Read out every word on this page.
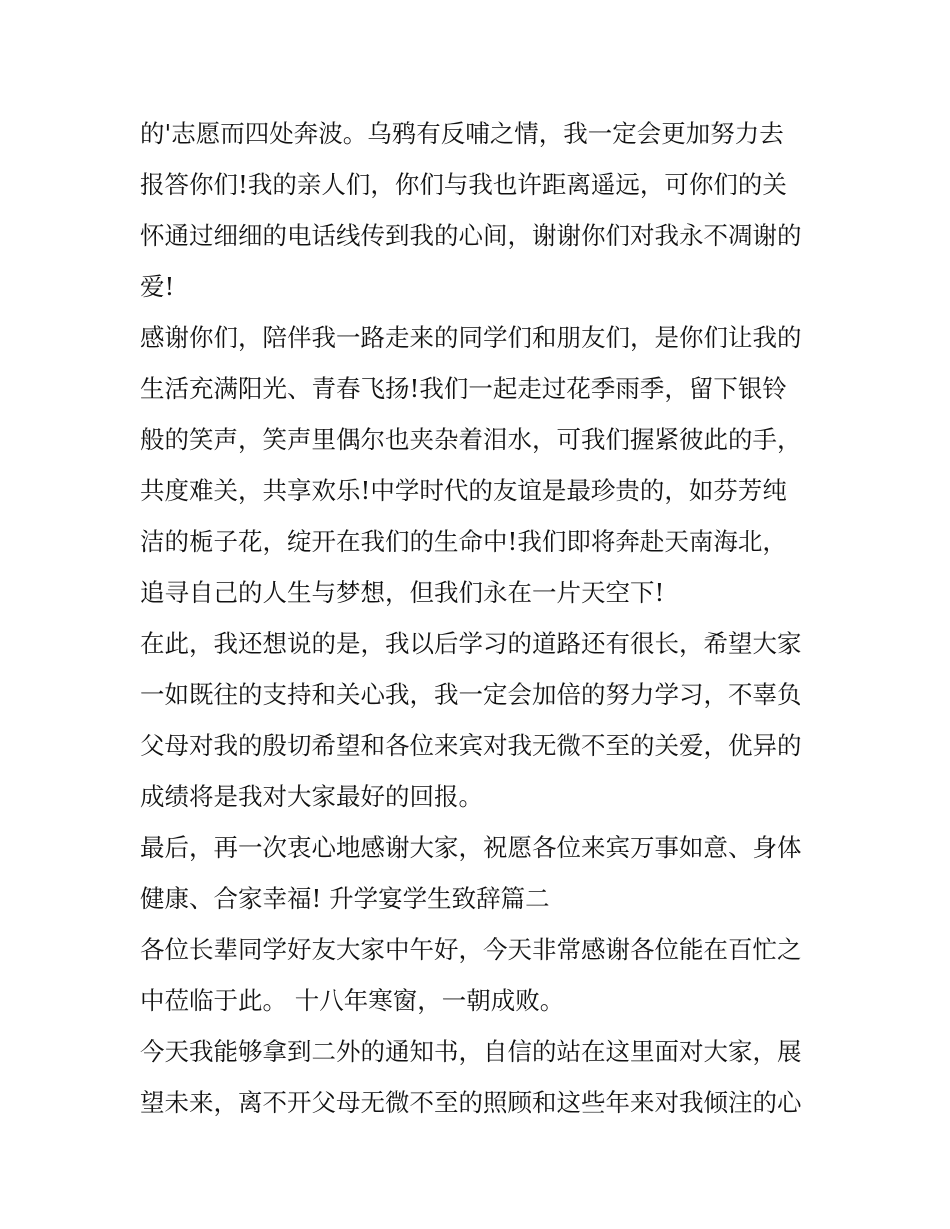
的'志愿而四处奔波。乌鸦有反哺之情，我一定会更加努力去
报答你们!我的亲人们，你们与我也许距离遥远，可你们的关
怀通过细细的电话线传到我的心间，谢谢你们对我永不凋谢的
爱!
感谢你们，陪伴我一路走来的同学们和朋友们，是你们让我的
生活充满阳光、青春飞扬!我们一起走过花季雨季，留下银铃
般的笑声，笑声里偶尔也夹杂着泪水，可我们握紧彼此的手，
共度难关，共享欢乐!中学时代的友谊是最珍贵的，如芬芳纯
洁的栀子花，绽开在我们的生命中!我们即将奔赴天南海北，
追寻自己的人生与梦想，但我们永在一片天空下!
在此，我还想说的是，我以后学习的道路还有很长，希望大家
一如既往的支持和关心我，我一定会加倍的努力学习，不辜负
父母对我的殷切希望和各位来宾对我无微不至的关爱，优异的
成绩将是我对大家最好的回报。
最后，再一次衷心地感谢大家，祝愿各位来宾万事如意、身体
健康、合家幸福! 升学宴学生致辞篇二
各位长辈同学好友大家中午好，今天非常感谢各位能在百忙之
中莅临于此。 十八年寒窗，一朝成败。
今天我能够拿到二外的通知书，自信的站在这里面对大家，展
望未来，离不开父母无微不至的照顾和这些年来对我倾注的心
